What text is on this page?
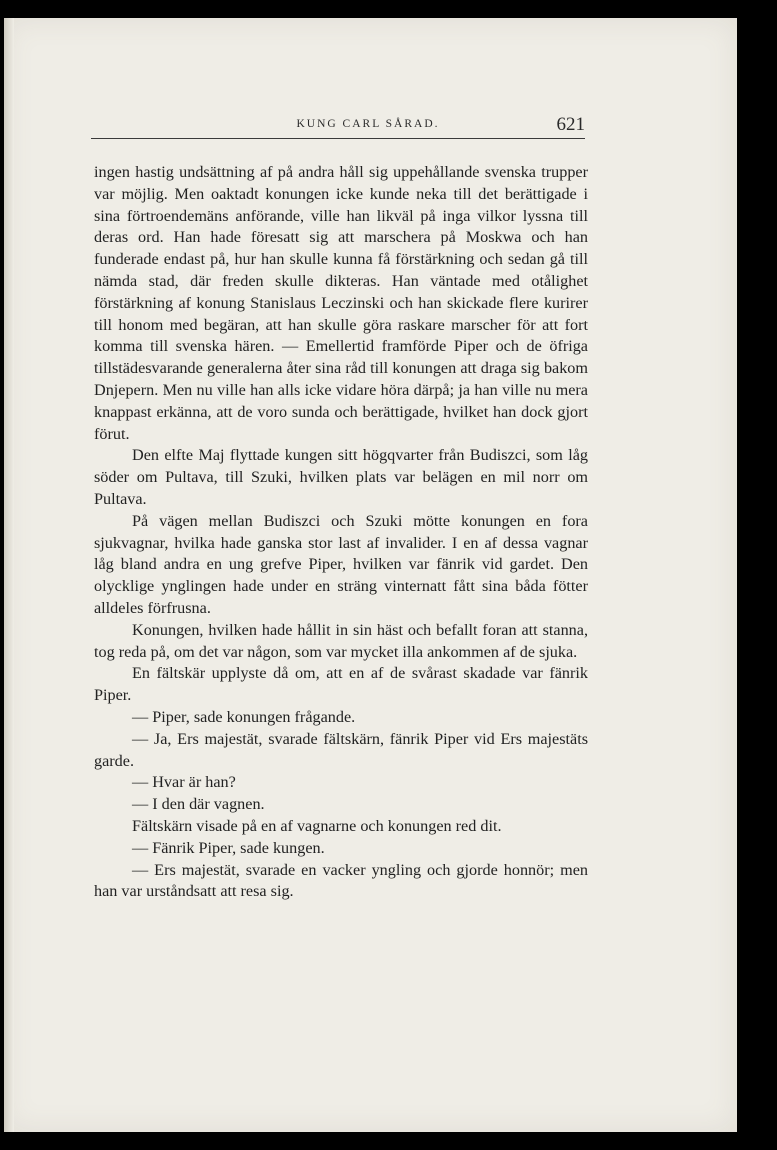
KUNG CARL SÅRAD.	621

ingen hastig undsättning af på andra håll sig uppehållande svenska trupper var möjlig. Men oaktadt konungen icke kunde neka till det berättigade i sina förtroendemäns anförande, ville han likväl på inga vilkor lyssna till deras ord. Han hade föresatt sig att marschera på Moskwa och han funderade endast på, hur han skulle kunna få förstärkning och sedan gå till nämda stad, där freden skulle dikteras. Han väntade med otålighet förstärkning af konung Stanislaus Leczinski och han skickade flere kurirer till honom med begäran, att han skulle göra raskare marscher för att fort komma till svenska hären. — Emellertid framförde Piper och de öfriga tillstädesvarande generalerna åter sina råd till konungen att draga sig bakom Dnjepern. Men nu ville han alls icke vidare höra därpå; ja han ville nu mera knappast erkänna, att de voro sunda och berättigade, hvilket han dock gjort förut.

Den elfte Maj flyttade kungen sitt högqvarter från Budiszci, som låg söder om Pultava, till Szuki, hvilken plats var belägen en mil norr om Pultava.

På vägen mellan Budiszci och Szuki mötte konungen en fora sjukvagnar, hvilka hade ganska stor last af invalider. I en af dessa vagnar låg bland andra en ung grefve Piper, hvilken var fänrik vid gardet. Den olycklige ynglingen hade under en sträng vinternatt fått sina båda fötter alldeles förfrusna.

Konungen, hvilken hade hållit in sin häst och befallt foran att stanna, tog reda på, om det var någon, som var mycket illa ankommen af de sjuka.

En fältskär upplyste då om, att en af de svårast skadade var fänrik Piper.

— Piper, sade konungen frågande.

— Ja, Ers majestät, svarade fältskärn, fänrik Piper vid Ers majestäts garde.

— Hvar är han?

— I den där vagnen.

Fältskärn visade på en af vagnarne och konungen red dit.

— Fänrik Piper, sade kungen.

— Ers majestät, svarade en vacker yngling och gjorde honnör; men han var urståndsatt att resa sig.
